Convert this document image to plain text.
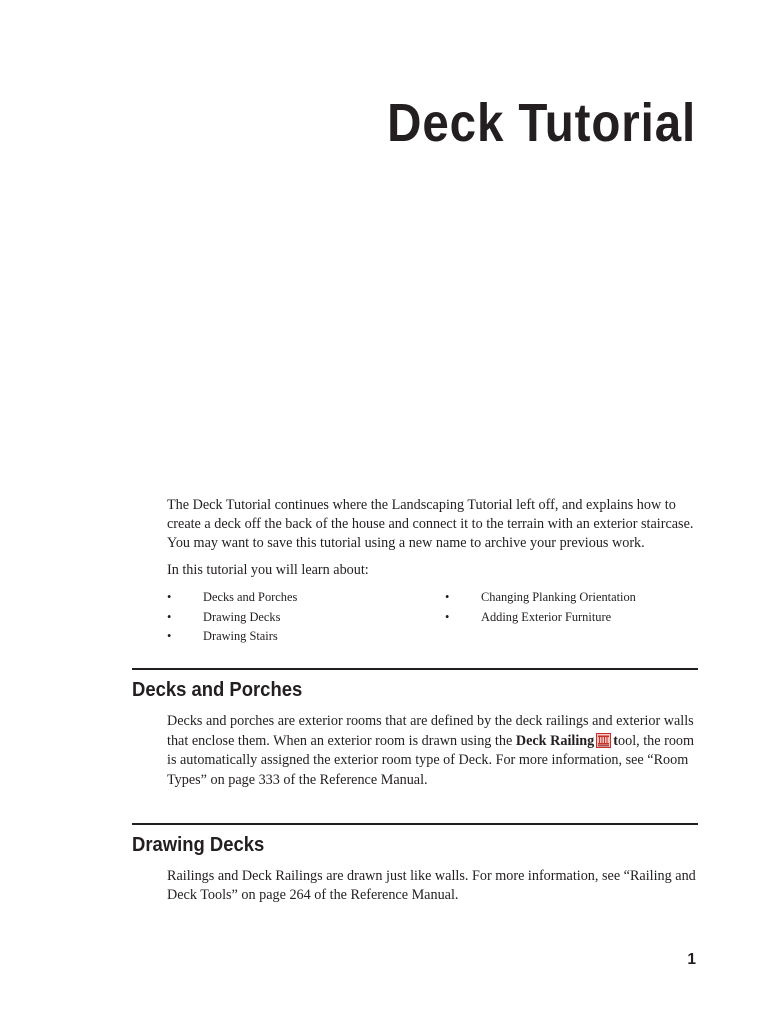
Deck Tutorial

The Deck Tutorial continues where the Landscaping Tutorial left off, and explains how to create a deck off the back of the house and connect it to the terrain with an exterior staircase. You may want to save this tutorial using a new name to archive your previous work.

In this tutorial you will learn about:

•	Decks and Porches
•	Drawing Decks
•	Drawing Stairs
•	Changing Planking Orientation
•	Adding Exterior Furniture
Decks and Porches

Decks and porches are exterior rooms that are defined by the deck railings and exterior walls that enclose them. When an exterior room is drawn using the Deck Railing tool, the room is automatically assigned the exterior room type of Deck. For more information, see “Room Types” on page 333 of the Reference Manual.

Drawing Decks

Railings and Deck Railings are drawn just like walls. For more information, see “Railing and Deck Tools” on page 264 of the Reference Manual.

1
